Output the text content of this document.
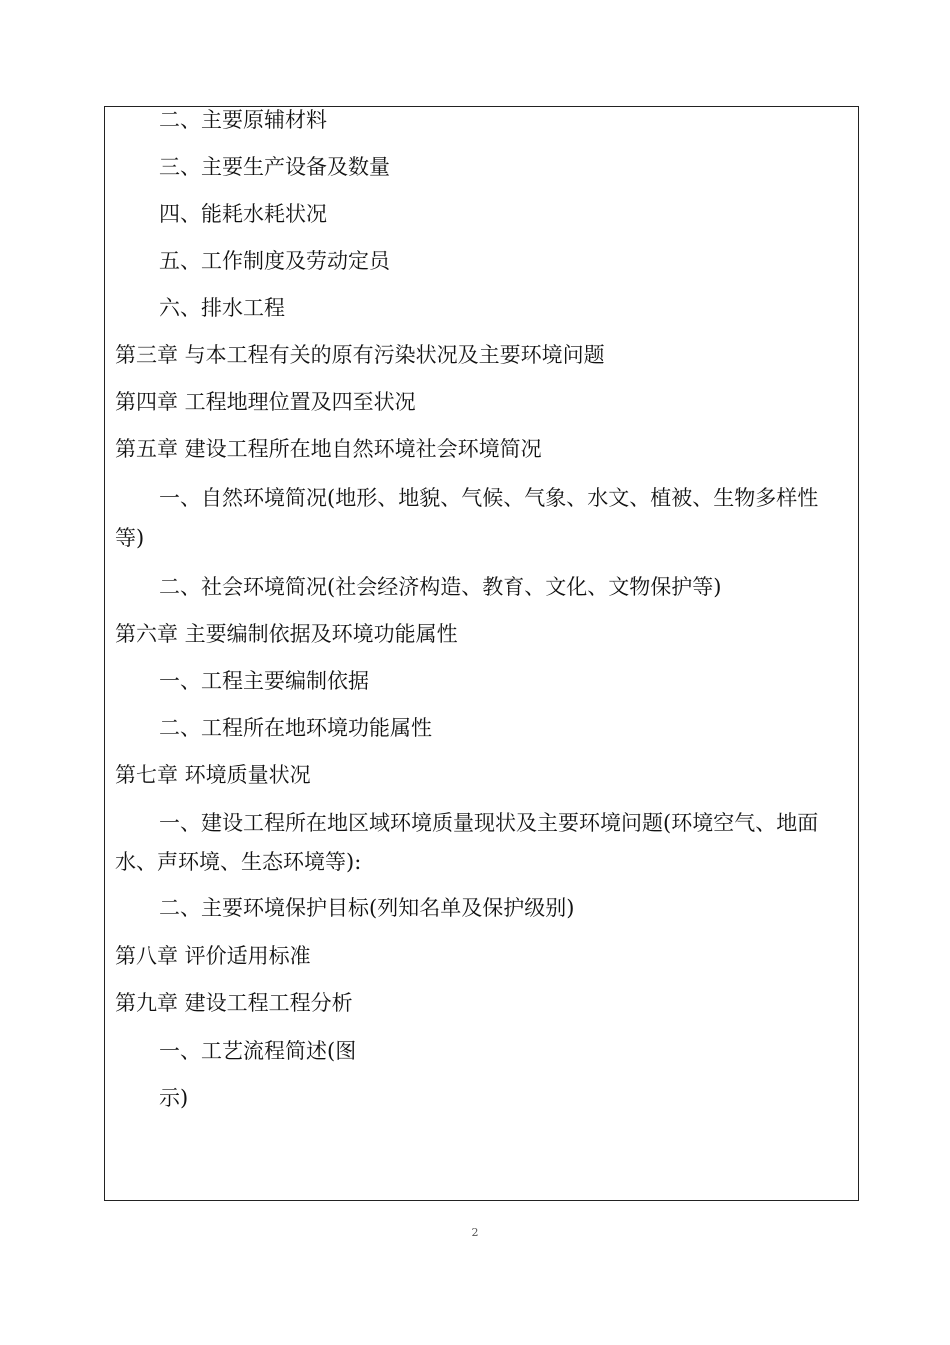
二、主要原辅材料
三、主要生产设备及数量
四、能耗水耗状况
五、工作制度及劳动定员
六、排水工程
第三章 与本工程有关的原有污染状况及主要环境问题
第四章 工程地理位置及四至状况
第五章 建设工程所在地自然环境社会环境简况
一、自然环境简况(地形、地貌、气候、气象、水文、植被、生物多样性
等)
二、社会环境简况(社会经济构造、教育、文化、文物保护等)
第六章 主要编制依据及环境功能属性
一、工程主要编制依据
二、工程所在地环境功能属性
第七章 环境质量状况
一、建设工程所在地区域环境质量现状及主要环境问题(环境空气、地面
水、声环境、生态环境等):
二、主要环境保护目标(列知名单及保护级别)
第八章 评价适用标准
第九章 建设工程工程分析
一、工艺流程简述(图
示)
2
